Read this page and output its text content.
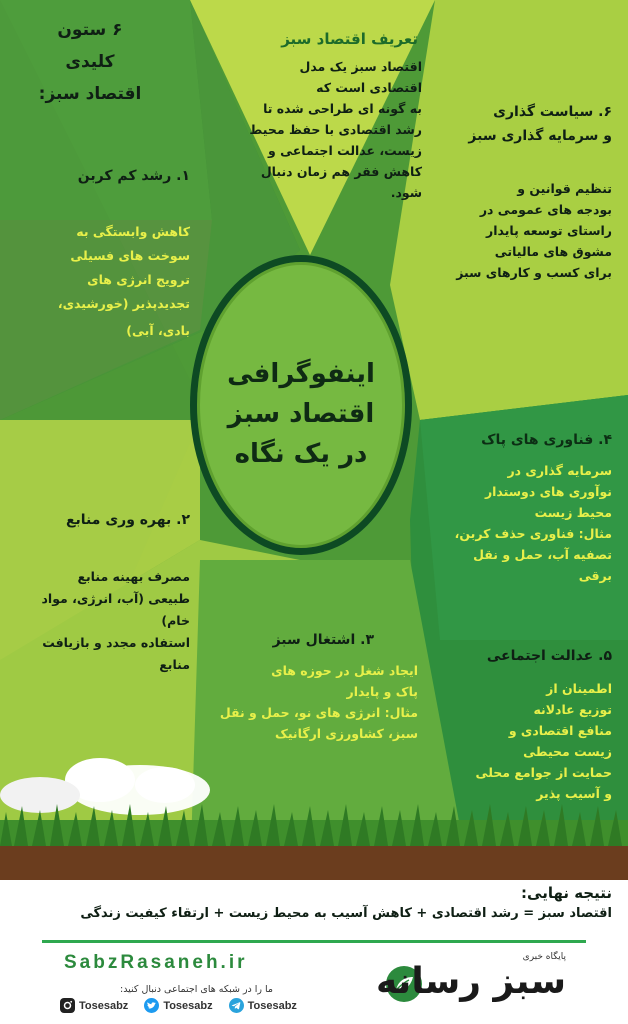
۶ ستون
کلیدی
اقتصاد سبز:
تعریف اقتصاد سبز
اقتصاد سبز یک مدل
اقتصادی است که
به گونه ای طراحی شده تا
رشد اقتصادی با حفظ محیط
زیست، عدالت اجتماعی و
کاهش فقر هم زمان دنبال
شود.
۱. رشد کم کربن
کاهش وابستگی به
سوخت های فسیلی
ترویج انرژی های
تجدیدپذیر (خورشیدی،
بادی، آبی)
۶. سیاست گذاری
و سرمایه گذاری سبز
تنظیم قوانین و
بودجه های عمومی در
راستای توسعه پایدار
مشوق های مالیاتی
برای کسب و کارهای سبز
اینفوگرافی
اقتصاد سبز
در یک نگاه	۴. فناوری های پاک
سرمایه گذاری در
نوآوری های دوستدار
محیط زیست
مثال: فناوری حذف کربن،
تصفیه آب، حمل و نقل
برقی
۲. بهره وری منابع
مصرف بهینه منابع
طبیعی (آب، انرژی، مواد
خام)
استفاده مجدد و بازیافت
منابع
۳. اشتغال سبز
ایجاد شغل در حوزه های
پاک و پایدار
مثال: انرژی های نو، حمل و نقل
سبز، کشاورزی ارگانیک
۵. عدالت اجتماعی
اطمینان از
توزیع عادلانه
منافع اقتصادی و
زیست محیطی
حمایت از جوامع محلی
و آسیب پذیر
نتیجه نهایی:
اقتصاد سبز = رشد اقتصادی + کاهش آسیب به محیط زیست + ارتقاء کیفیت زندگی
SabzRasaneh.ir
ما را در شبکه های اجتماعی دنبال کنید:
Tosesabz	Tosesabz	Tosesabz
پایگاه خبری
سبز رسانه
